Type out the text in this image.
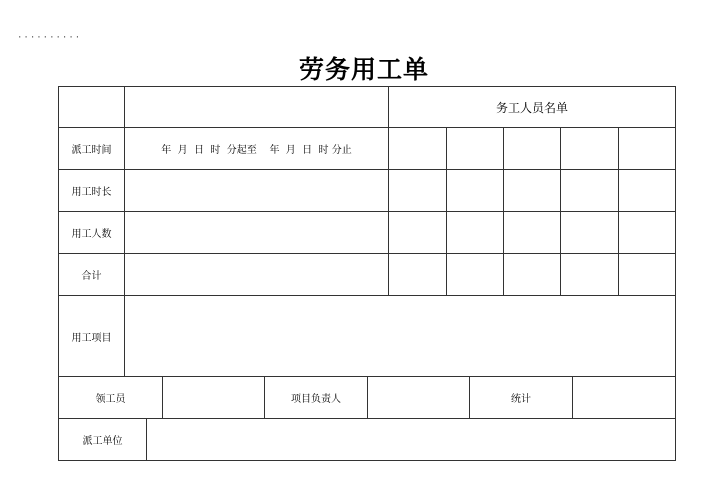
··········
劳务用工单
务工人员名单
派工时间
用工时长
用工人数
合计
用工项目
年  月  日  时  分起至    年  月  日  时 分止
领工员	项目负责人	统计
派工单位
